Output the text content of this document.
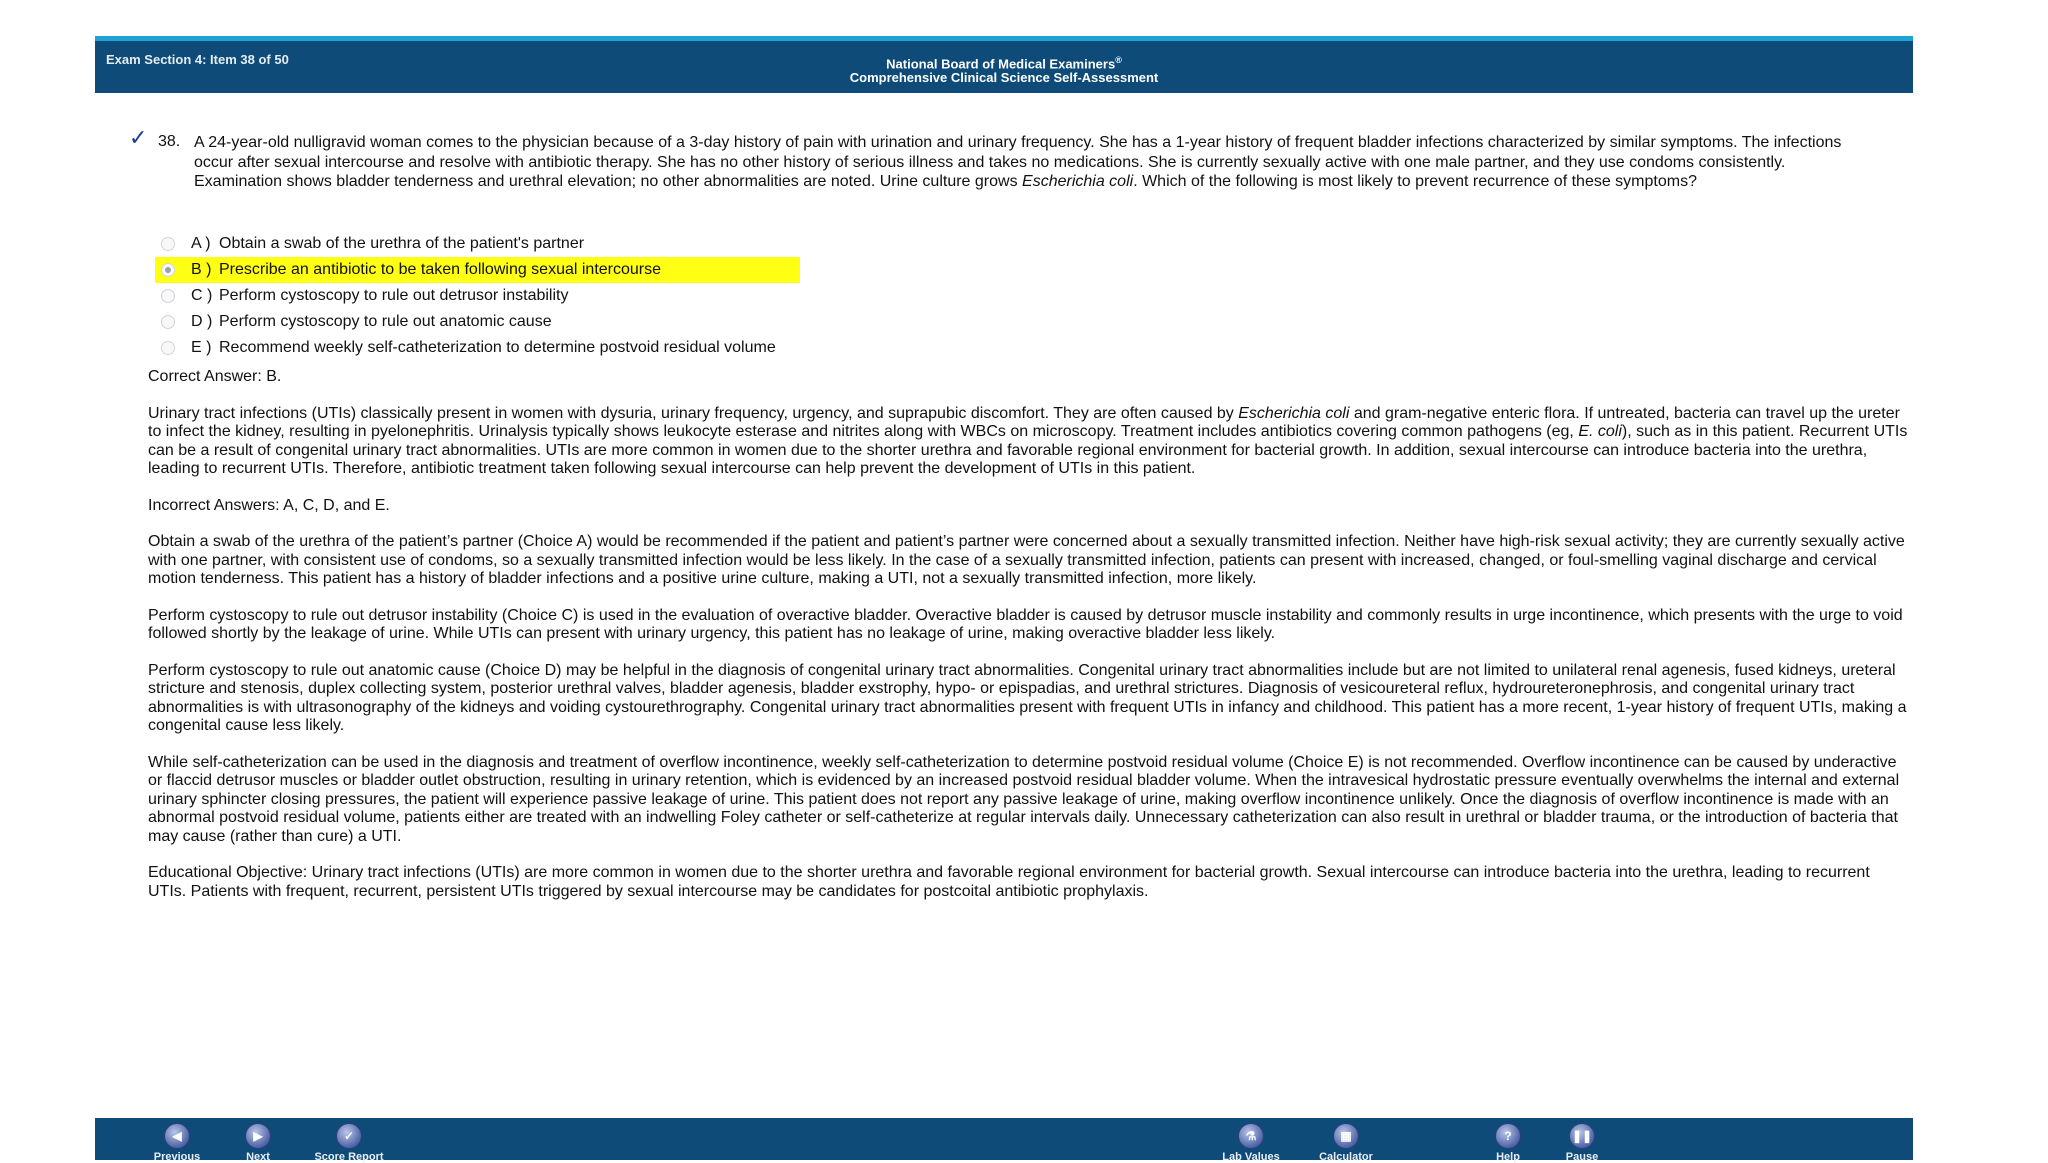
Exam Section 4: Item 38 of 50	National Board of Medical Examiners®
Comprehensive Clinical Science Self-Assessment
✓ 38. A 24-year-old nulligravid woman comes to the physician because of a 3-day history of pain with urination and urinary frequency. She has a 1-year history of frequent bladder infections characterized by similar symptoms. The infections occur after sexual intercourse and resolve with antibiotic therapy. She has no other history of serious illness and takes no medications. She is currently sexually active with one male partner, and they use condoms consistently. Examination shows bladder tenderness and urethral elevation; no other abnormalities are noted. Urine culture grows Escherichia coli. Which of the following is most likely to prevent recurrence of these symptoms?
A ) Obtain a swab of the urethra of the patient's partner
B ) Prescribe an antibiotic to be taken following sexual intercourse
C ) Perform cystoscopy to rule out detrusor instability
D ) Perform cystoscopy to rule out anatomic cause
E ) Recommend weekly self-catheterization to determine postvoid residual volume

Correct Answer: B.

Urinary tract infections (UTIs) classically present in women with dysuria, urinary frequency, urgency, and suprapubic discomfort. They are often caused by Escherichia coli and gram-negative enteric flora. If untreated, bacteria can travel up the ureter to infect the kidney, resulting in pyelonephritis. Urinalysis typically shows leukocyte esterase and nitrites along with WBCs on microscopy. Treatment includes antibiotics covering common pathogens (eg, E. coli), such as in this patient. Recurrent UTIs can be a result of congenital urinary tract abnormalities. UTIs are more common in women due to the shorter urethra and favorable regional environment for bacterial growth. In addition, sexual intercourse can introduce bacteria into the urethra, leading to recurrent UTIs. Therefore, antibiotic treatment taken following sexual intercourse can help prevent the development of UTIs in this patient.

Incorrect Answers: A, C, D, and E.

Obtain a swab of the urethra of the patient’s partner (Choice A) would be recommended if the patient and patient’s partner were concerned about a sexually transmitted infection. Neither have high-risk sexual activity; they are currently sexually active with one partner, with consistent use of condoms, so a sexually transmitted infection would be less likely. In the case of a sexually transmitted infection, patients can present with increased, changed, or foul-smelling vaginal discharge and cervical motion tenderness. This patient has a history of bladder infections and a positive urine culture, making a UTI, not a sexually transmitted infection, more likely.

Perform cystoscopy to rule out detrusor instability (Choice C) is used in the evaluation of overactive bladder. Overactive bladder is caused by detrusor muscle instability and commonly results in urge incontinence, which presents with the urge to void followed shortly by the leakage of urine. While UTIs can present with urinary urgency, this patient has no leakage of urine, making overactive bladder less likely.

Perform cystoscopy to rule out anatomic cause (Choice D) may be helpful in the diagnosis of congenital urinary tract abnormalities. Congenital urinary tract abnormalities include but are not limited to unilateral renal agenesis, fused kidneys, ureteral stricture and stenosis, duplex collecting system, posterior urethral valves, bladder agenesis, bladder exstrophy, hypo- or epispadias, and urethral strictures. Diagnosis of vesicoureteral reflux, hydroureteronephrosis, and congenital urinary tract abnormalities is with ultrasonography of the kidneys and voiding cystourethrography. Congenital urinary tract abnormalities present with frequent UTIs in infancy and childhood. This patient has a more recent, 1-year history of frequent UTIs, making a congenital cause less likely.

While self-catheterization can be used in the diagnosis and treatment of overflow incontinence, weekly self-catheterization to determine postvoid residual volume (Choice E) is not recommended. Overflow incontinence can be caused by underactive or flaccid detrusor muscles or bladder outlet obstruction, resulting in urinary retention, which is evidenced by an increased postvoid residual bladder volume. When the intravesical hydrostatic pressure eventually overwhelms the internal and external urinary sphincter closing pressures, the patient will experience passive leakage of urine. This patient does not report any passive leakage of urine, making overflow incontinence unlikely. Once the diagnosis of overflow incontinence is made with an abnormal postvoid residual volume, patients either are treated with an indwelling Foley catheter or self-catheterize at regular intervals daily. Unnecessary catheterization can also result in urethral or bladder trauma, or the introduction of bacteria that may cause (rather than cure) a UTI.

Educational Objective: Urinary tract infections (UTIs) are more common in women due to the shorter urethra and favorable regional environment for bacterial growth. Sexual intercourse can introduce bacteria into the urethra, leading to recurrent UTIs. Patients with frequent, recurrent, persistent UTIs triggered by sexual intercourse may be candidates for postcoital antibiotic prophylaxis.

◀
Previous
▶
Next
✓
Score Report
⚗
Lab Values
▦
Calculator
?
Help
❚❚
Pause
